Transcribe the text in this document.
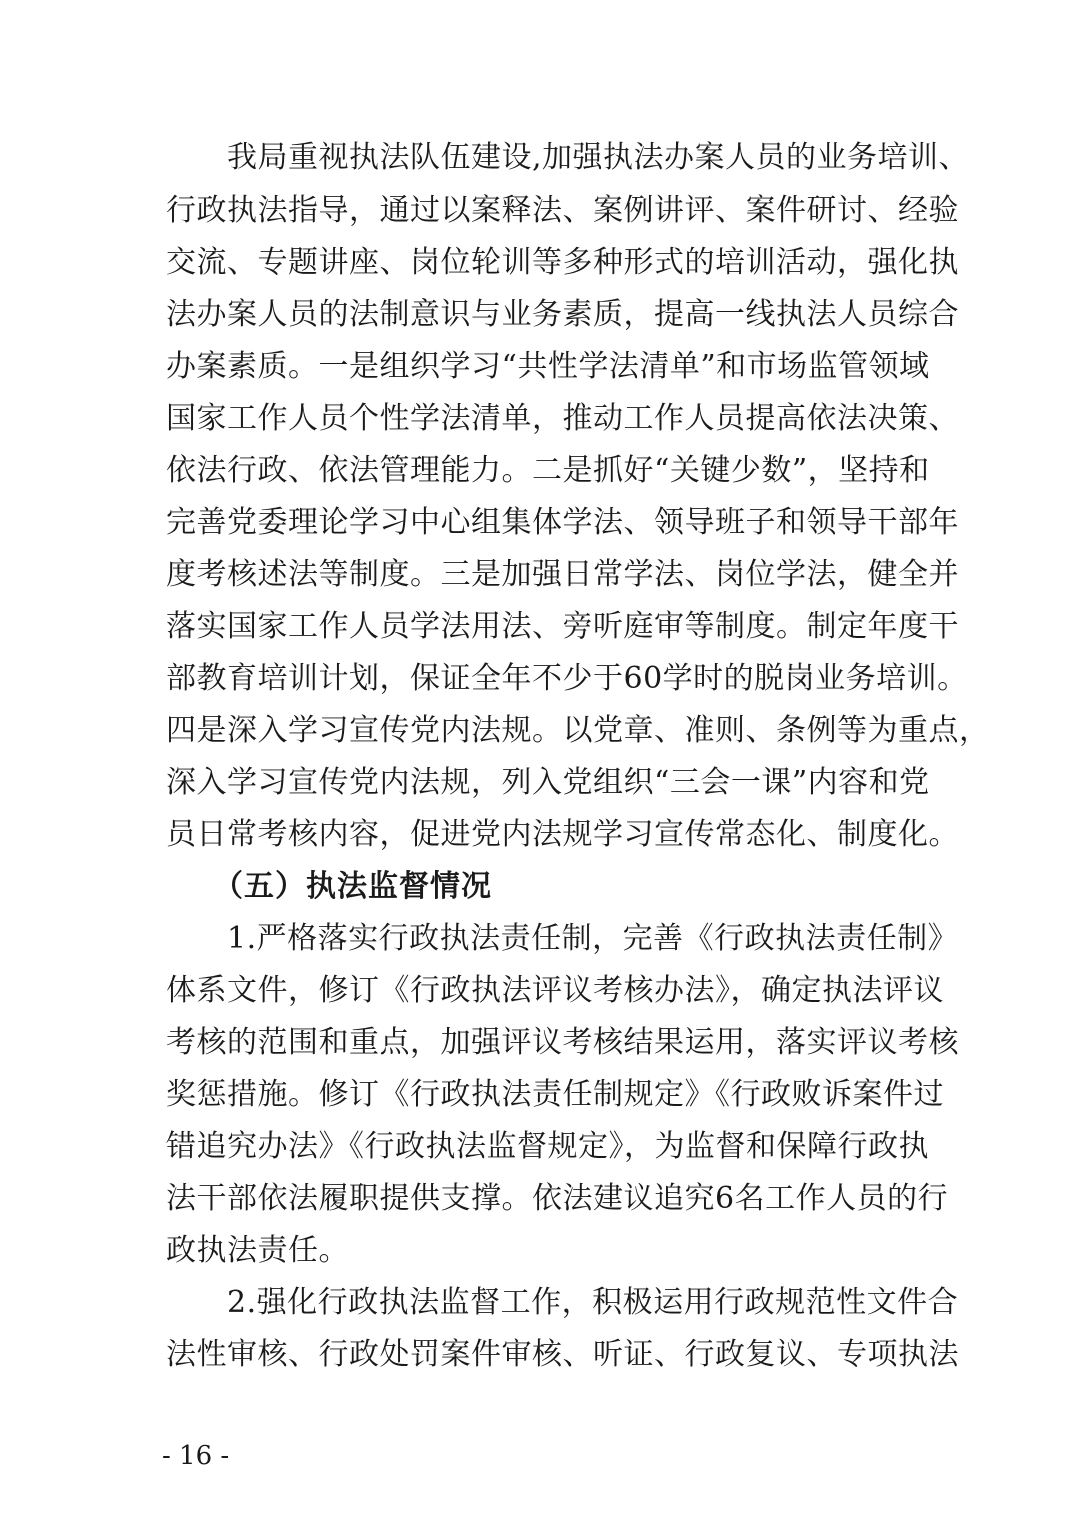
　　我局重视执法队伍建设,加强执法办案人员的业务培训、
行政执法指导，通过以案释法、案例讲评、案件研讨、经验
交流、专题讲座、岗位轮训等多种形式的培训活动，强化执
法办案人员的法制意识与业务素质，提高一线执法人员综合
办案素质。一是组织学习“共性学法清单”和市场监管领域
国家工作人员个性学法清单，推动工作人员提高依法决策、
依法行政、依法管理能力。二是抓好“关键少数”，坚持和
完善党委理论学习中心组集体学法、领导班子和领导干部年
度考核述法等制度。三是加强日常学法、岗位学法，健全并
落实国家工作人员学法用法、旁听庭审等制度。制定年度干
部教育培训计划，保证全年不少于60学时的脱岗业务培训。
四是深入学习宣传党内法规。以党章、准则、条例等为重点，
深入学习宣传党内法规，列入党组织“三会一课”内容和党
员日常考核内容，促进党内法规学习宣传常态化、制度化。
　　（五）执法监督情况
　　1.严格落实行政执法责任制，完善《行政执法责任制》
体系文件，修订《行政执法评议考核办法》，确定执法评议
考核的范围和重点，加强评议考核结果运用，落实评议考核
奖惩措施。修订《行政执法责任制规定》《行政败诉案件过
错追究办法》《行政执法监督规定》，为监督和保障行政执
法干部依法履职提供支撑。依法建议追究6名工作人员的行
政执法责任。
　　2.强化行政执法监督工作，积极运用行政规范性文件合
法性审核、行政处罚案件审核、听证、行政复议、专项执法
- 16 -
